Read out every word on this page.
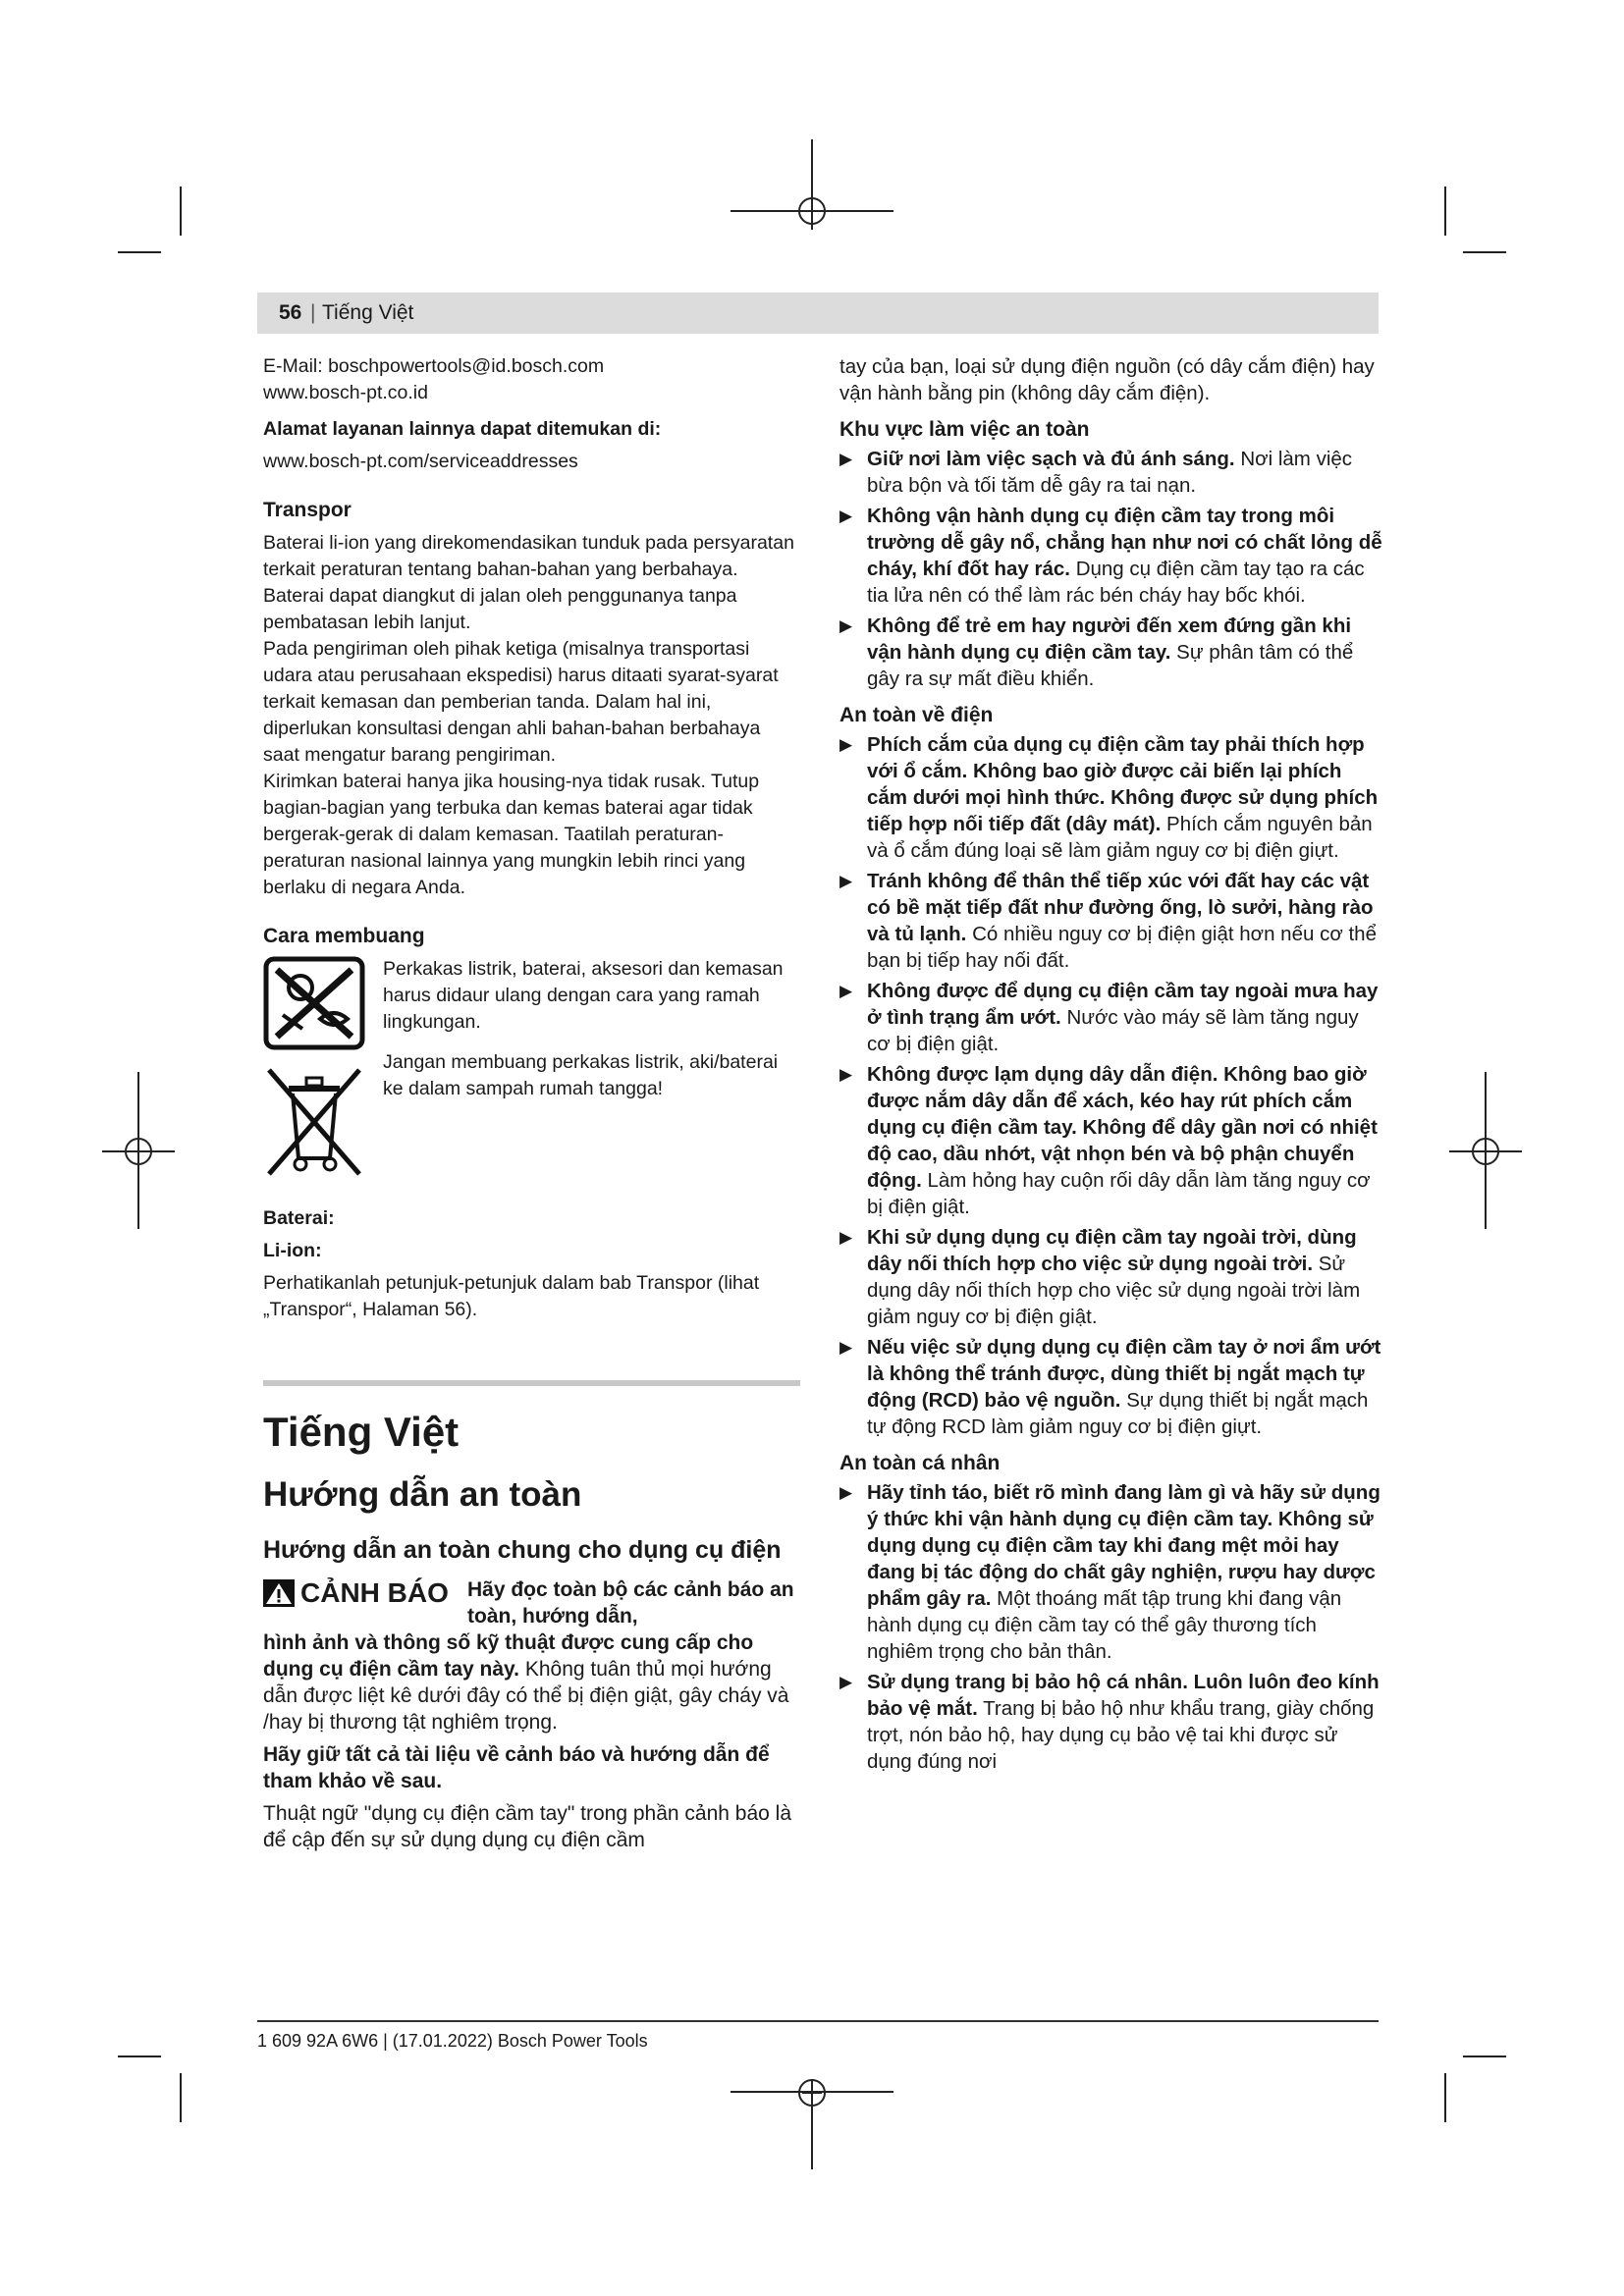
56 | Tiếng Việt

E-Mail: boschpowertools@id.bosch.com

www.bosch-pt.co.id

Alamat layanan lainnya dapat ditemukan di:

www.bosch-pt.com/serviceaddresses

Transpor

Baterai li-ion yang direkomendasikan tunduk pada persyaratan terkait peraturan tentang bahan-bahan yang berbahaya. Baterai dapat diangkut di jalan oleh penggunanya tanpa pembatasan lebih lanjut.

Pada pengiriman oleh pihak ketiga (misalnya transportasi udara atau perusahaan ekspedisi) harus ditaati syarat-syarat terkait kemasan dan pemberian tanda. Dalam hal ini, diperlukan konsultasi dengan ahli bahan-bahan berbahaya saat mengatur barang pengiriman.

Kirimkan baterai hanya jika housing-nya tidak rusak. Tutup bagian-bagian yang terbuka dan kemas baterai agar tidak bergerak-gerak di dalam kemasan. Taatilah peraturan-peraturan nasional lainnya yang mungkin lebih rinci yang berlaku di negara Anda.

Cara membuang

Perkakas listrik, baterai, aksesori dan kemasan harus didaur ulang dengan cara yang ramah lingkungan.

Jangan membuang perkakas listrik, aki/baterai ke dalam sampah rumah tangga!

Baterai:

Li-ion:

Perhatikanlah petunjuk-petunjuk dalam bab Transpor (lihat „Transpor“, Halaman 56).

Tiếng Việt

Hướng dẫn an toàn

Hướng dẫn an toàn chung cho dụng cụ điện

CẢNH BÁO Hãy đọc toàn bộ các cảnh báo an toàn, hướng dẫn,

hình ảnh và thông số kỹ thuật được cung cấp cho dụng cụ điện cầm tay này. Không tuân thủ mọi hướng dẫn được liệt kê dưới đây có thể bị điện giật, gây cháy và /hay bị thương tật nghiêm trọng.

Hãy giữ tất cả tài liệu về cảnh báo và hướng dẫn để tham khảo về sau.

Thuật ngữ "dụng cụ điện cầm tay" trong phần cảnh báo là để cập đến sự sử dụng dụng cụ điện cầm

tay của bạn, loại sử dụng điện nguồn (có dây cắm điện) hay vận hành bằng pin (không dây cắm điện).

Khu vực làm việc an toàn

▶ Giữ nơi làm việc sạch và đủ ánh sáng. Nơi làm việc bừa bộn và tối tăm dễ gây ra tai nạn.

▶ Không vận hành dụng cụ điện cầm tay trong môi trường dễ gây nổ, chẳng hạn như nơi có chất lỏng dễ cháy, khí đốt hay rác. Dụng cụ điện cầm tay tạo ra các tia lửa nên có thể làm rác bén cháy hay bốc khói.

▶ Không để trẻ em hay người đến xem đứng gần khi vận hành dụng cụ điện cầm tay. Sự phân tâm có thể gây ra sự mất điều khiển.

An toàn về điện

▶ Phích cắm của dụng cụ điện cầm tay phải thích hợp với ổ cắm. Không bao giờ được cải biến lại phích cắm dưới mọi hình thức. Không được sử dụng phích tiếp hợp nối tiếp đất (dây mát). Phích cắm nguyên bản và ổ cắm đúng loại sẽ làm giảm nguy cơ bị điện giựt.

▶ Tránh không để thân thể tiếp xúc với đất hay các vật có bề mặt tiếp đất như đường ống, lò sưởi, hàng rào và tủ lạnh. Có nhiều nguy cơ bị điện giật hơn nếu cơ thể bạn bị tiếp hay nối đất.

▶ Không được để dụng cụ điện cầm tay ngoài mưa hay ở tình trạng ẩm ướt. Nước vào máy sẽ làm tăng nguy cơ bị điện giật.

▶ Không được lạm dụng dây dẫn điện. Không bao giờ được nắm dây dẫn để xách, kéo hay rút phích cắm dụng cụ điện cầm tay. Không để dây gần nơi có nhiệt độ cao, dầu nhớt, vật nhọn bén và bộ phận chuyển động. Làm hỏng hay cuộn rối dây dẫn làm tăng nguy cơ bị điện giật.

▶ Khi sử dụng dụng cụ điện cầm tay ngoài trời, dùng dây nối thích hợp cho việc sử dụng ngoài trời. Sử dụng dây nối thích hợp cho việc sử dụng ngoài trời làm giảm nguy cơ bị điện giật.

▶ Nếu việc sử dụng dụng cụ điện cầm tay ở nơi ẩm ướt là không thể tránh được, dùng thiết bị ngắt mạch tự động (RCD) bảo vệ nguồn. Sự dụng thiết bị ngắt mạch tự động RCD làm giảm nguy cơ bị điện giựt.

An toàn cá nhân

▶ Hãy tỉnh táo, biết rõ mình đang làm gì và hãy sử dụng ý thức khi vận hành dụng cụ điện cầm tay. Không sử dụng dụng cụ điện cầm tay khi đang mệt mỏi hay đang bị tác động do chất gây nghiện, rượu hay dược phẩm gây ra. Một thoáng mất tập trung khi đang vận hành dụng cụ điện cầm tay có thể gây thương tích nghiêm trọng cho bản thân.

▶ Sử dụng trang bị bảo hộ cá nhân. Luôn luôn đeo kính bảo vệ mắt. Trang bị bảo hộ như khẩu trang, giày chống trợt, nón bảo hộ, hay dụng cụ bảo vệ tai khi được sử dụng đúng nơi

1 609 92A 6W6 | (17.01.2022) Bosch Power Tools
